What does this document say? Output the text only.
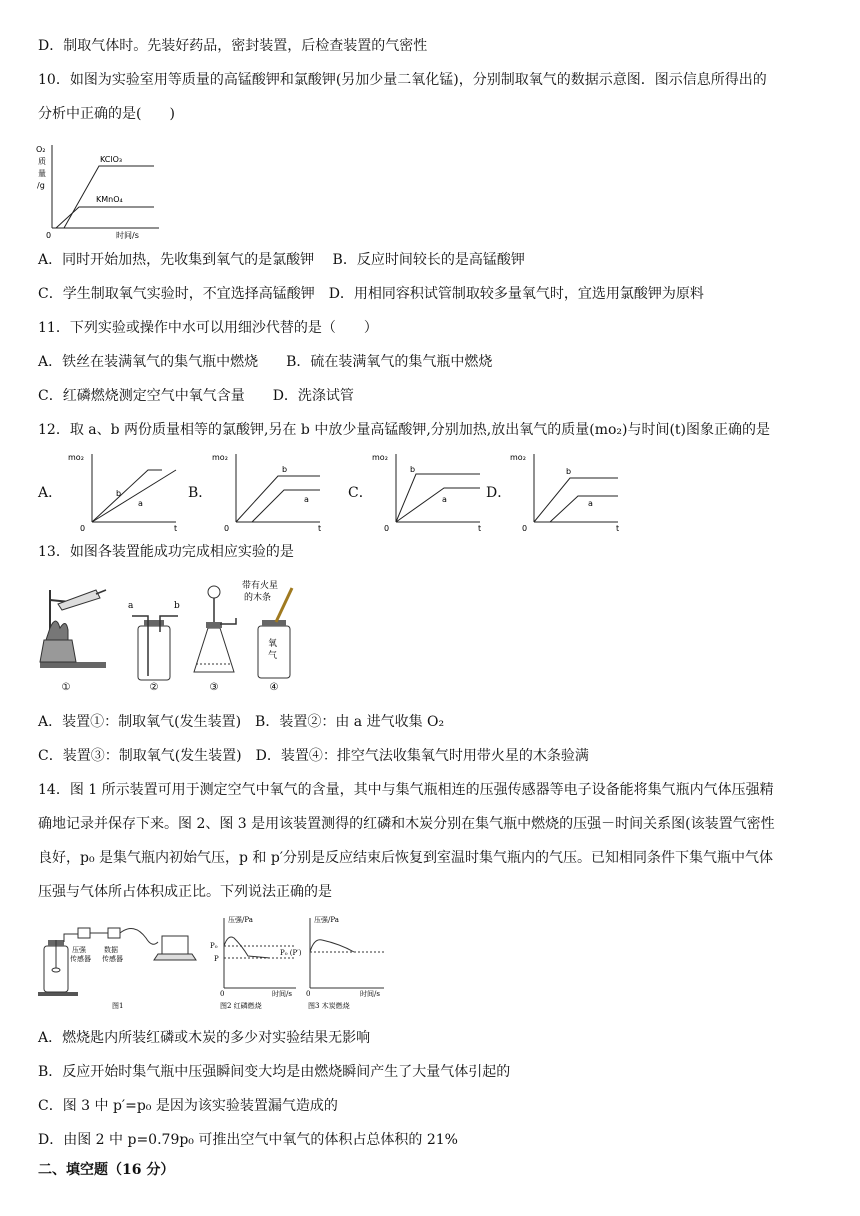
D．制取气体时。先装好药品，密封装置，后检查装置的气密性
10．如图为实验室用等质量的高锰酸钾和氯酸钾(另加少量二氧化锰)，分别制取氧气的数据示意图．图示信息所得出的
分析中正确的是(　　)
O₂
质
量
/g
0	时间/s
KClO₃
KMnO₄
A．同时开始加热，先收集到氧气的是氯酸钾　 B．反应时间较长的是高锰酸钾
C．学生制取氧气实验时，不宜选择高锰酸钾　D．用相同容积试管制取较多量氧气时，宜选用氯酸钾为原料
11．下列实验或操作中水可以用细沙代替的是（　　）
A．铁丝在装满氧气的集气瓶中燃烧　　B．硫在装满氧气的集气瓶中燃烧
C．红磷燃烧测定空气中氧气含量　　D．洗涤试管
12．取 a、b 两份质量相等的氯酸钾,另在 b 中放少量高锰酸钾,分别加热,放出氧气的质量(mo₂)与时间(t)图象正确的是
A．
mo₂
0	t
b
a
B．
mo₂
0	t
b
a	C．
mo₂
0	t
b
a	D．
mo₂
0	t
b
a
13．如图各装置能成功完成相应实验的是
①
a	b
②	③
带有火星
的木条
氧
气
④
A．装置①：制取氧气(发生装置)　B．装置②：由 a 进气收集 O₂
C．装置③：制取氧气(发生装置)　D．装置④：排空气法收集氧气时用带火星的木条验满
14．图 1 所示装置可用于测定空气中氧气的含量，其中与集气瓶相连的压强传感器等电子设备能将集气瓶内气体压强精
确地记录并保存下来。图 2、图 3 是用该装置测得的红磷和木炭分别在集气瓶中燃烧的压强－时间关系图(该装置气密性
良好，p₀ 是集气瓶内初始气压，p 和 p′分别是反应结束后恢复到室温时集气瓶内的气压。已知相同条件下集气瓶中气体
压强与气体所占体积成正比。下列说法正确的是
压强
传感器
数据
传感器
图1
压强/Pa
P₀
P
0	时间/s
图2 红磷燃烧
压强/Pa
P₀ (P′)
0	时间/s
图3 木炭燃烧
A．燃烧匙内所装红磷或木炭的多少对实验结果无影响
B．反应开始时集气瓶中压强瞬间变大均是由燃烧瞬间产生了大量气体引起的
C．图 3 中 p′=p₀ 是因为该实验装置漏气造成的
D．由图 2 中 p=0.79p₀ 可推出空气中氧气的体积占总体积的 21%
二、填空题（16 分）
